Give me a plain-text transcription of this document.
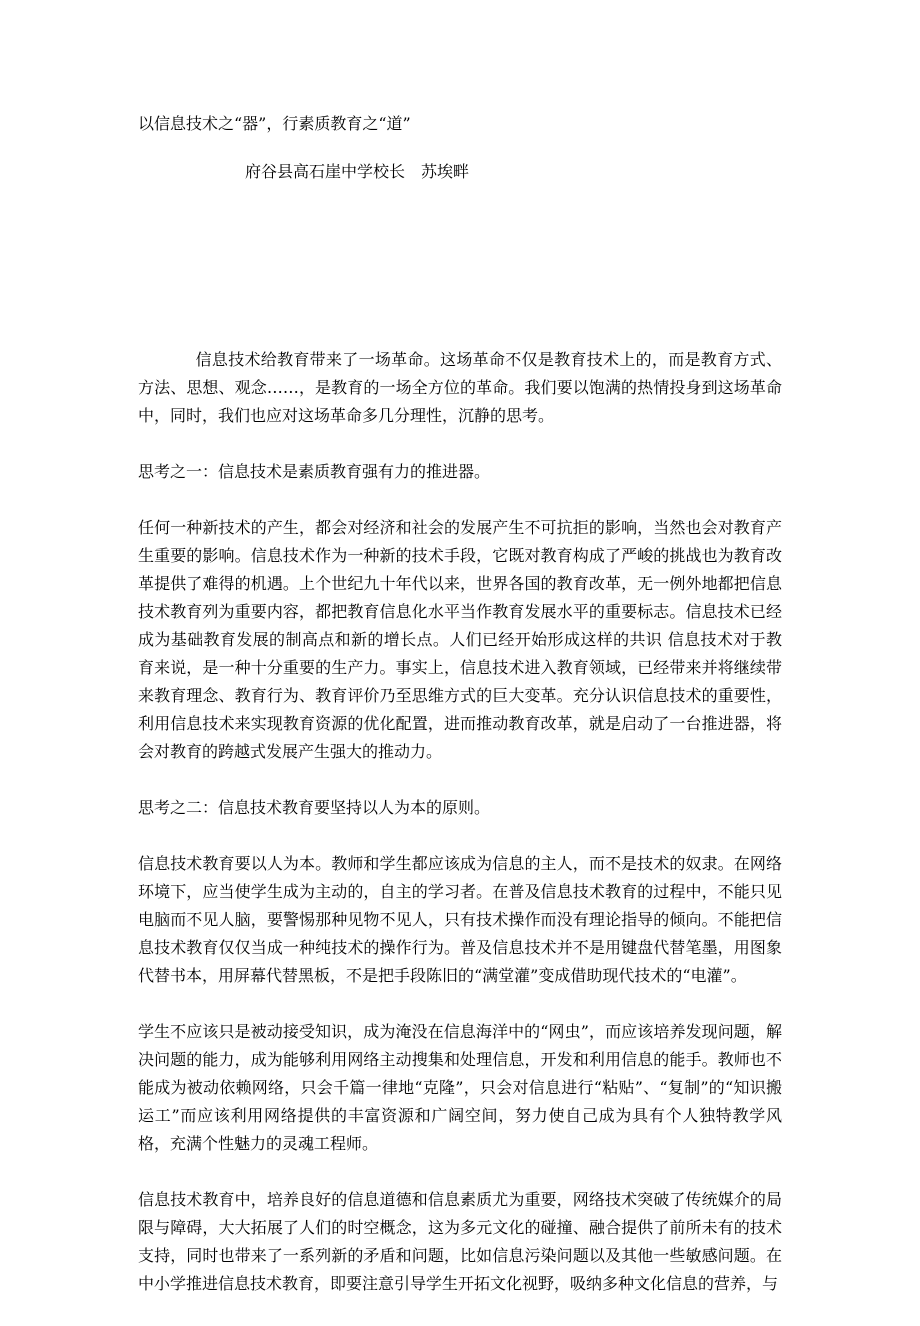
以信息技术之“器”，行素质教育之“道”
府谷县高石崖中学校长　苏埃畔

信息技术给教育带来了一场革命。这场革命不仅是教育技术上的，而是教育方式、方法、思想、观念……，是教育的一场全方位的革命。我们要以饱满的热情投身到这场革命中，同时，我们也应对这场革命多几分理性，沉静的思考。

思考之一：信息技术是素质教育强有力的推进器。

任何一种新技术的产生，都会对经济和社会的发展产生不可抗拒的影响，当然也会对教育产生重要的影响。信息技术作为一种新的技术手段，它既对教育构成了严峻的挑战也为教育改革提供了难得的机遇。上个世纪九十年代以来，世界各国的教育改革，无一例外地都把信息技术教育列为重要内容，都把教育信息化水平当作教育发展水平的重要标志。信息技术已经成为基础教育发展的制高点和新的增长点。人们已经开始形成这样的共识 信息技术对于教育来说，是一种十分重要的生产力。事实上，信息技术进入教育领域，已经带来并将继续带来教育理念、教育行为、教育评价乃至思维方式的巨大变革。充分认识信息技术的重要性，利用信息技术来实现教育资源的优化配置，进而推动教育改革，就是启动了一台推进器，将会对教育的跨越式发展产生强大的推动力。

思考之二：信息技术教育要坚持以人为本的原则。

信息技术教育要以人为本。教师和学生都应该成为信息的主人，而不是技术的奴隶。在网络环境下，应当使学生成为主动的，自主的学习者。在普及信息技术教育的过程中，不能只见电脑而不见人脑，要警惕那种见物不见人，只有技术操作而没有理论指导的倾向。不能把信息技术教育仅仅当成一种纯技术的操作行为。普及信息技术并不是用键盘代替笔墨，用图象代替书本，用屏幕代替黑板，不是把手段陈旧的“满堂灌”变成借助现代技术的“电灌”。

学生不应该只是被动接受知识，成为淹没在信息海洋中的“网虫”，而应该培养发现问题，解决问题的能力，成为能够利用网络主动搜集和处理信息，开发和利用信息的能手。教师也不能成为被动依赖网络，只会千篇一律地“克隆”，只会对信息进行“粘贴”、“复制”的“知识搬运工”而应该利用网络提供的丰富资源和广阔空间，努力使自己成为具有个人独特教学风格，充满个性魅力的灵魂工程师。

信息技术教育中，培养良好的信息道德和信息素质尤为重要，网络技术突破了传统媒介的局限与障碍，大大拓展了人们的时空概念，这为多元文化的碰撞、融合提供了前所未有的技术支持，同时也带来了一系列新的矛盾和问题，比如信息污染问题以及其他一些敏感问题。在中小学推进信息技术教育，即要注意引导学生开拓文化视野，吸纳多种文化信息的营养，与
